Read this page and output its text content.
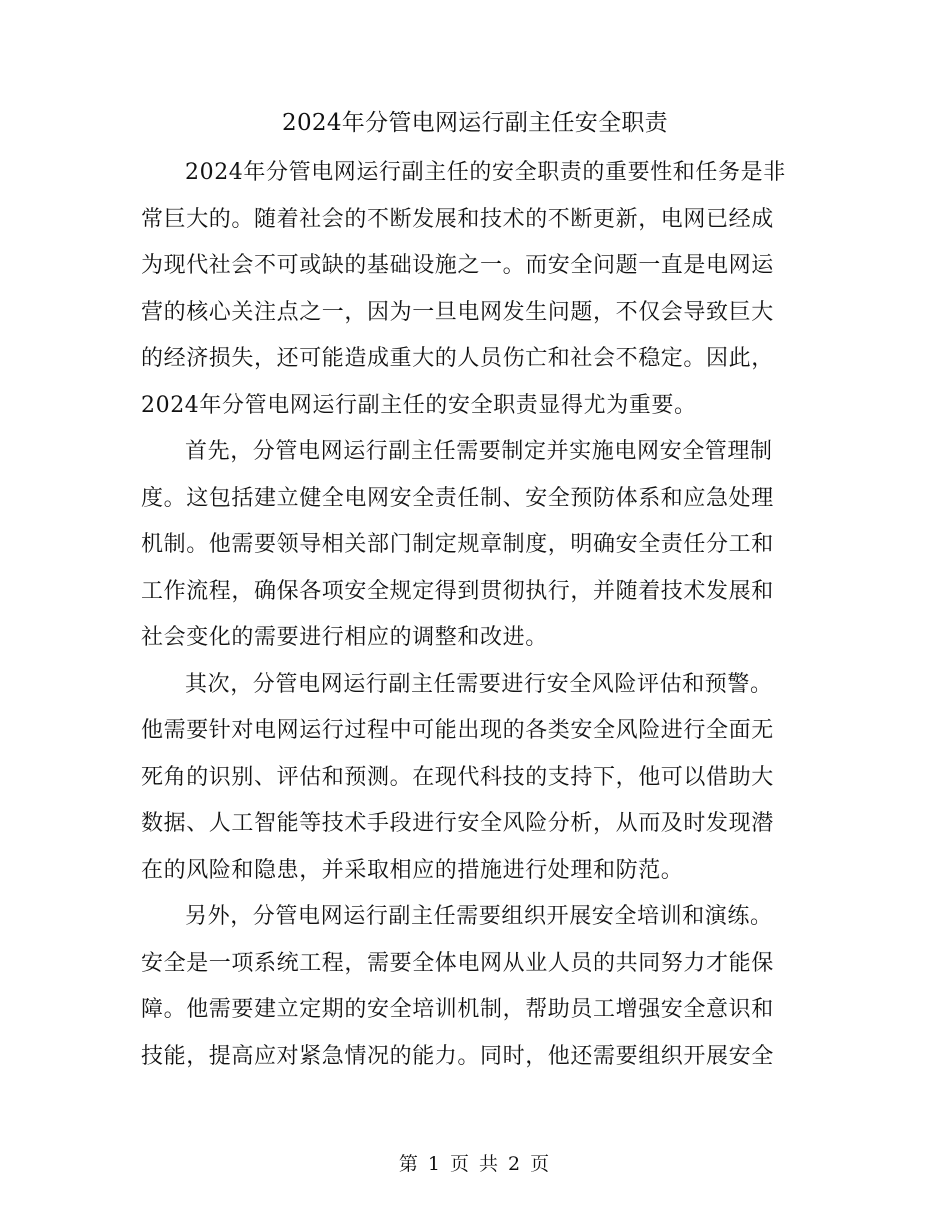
2024年分管电网运行副主任安全职责

2024年分管电网运行副主任的安全职责的重要性和任务是非
常巨大的。随着社会的不断发展和技术的不断更新，电网已经成
为现代社会不可或缺的基础设施之一。而安全问题一直是电网运
营的核心关注点之一，因为一旦电网发生问题，不仅会导致巨大
的经济损失，还可能造成重大的人员伤亡和社会不稳定。因此，
2024年分管电网运行副主任的安全职责显得尤为重要。

首先，分管电网运行副主任需要制定并实施电网安全管理制
度。这包括建立健全电网安全责任制、安全预防体系和应急处理
机制。他需要领导相关部门制定规章制度，明确安全责任分工和
工作流程，确保各项安全规定得到贯彻执行，并随着技术发展和
社会变化的需要进行相应的调整和改进。

其次，分管电网运行副主任需要进行安全风险评估和预警。
他需要针对电网运行过程中可能出现的各类安全风险进行全面无
死角的识别、评估和预测。在现代科技的支持下，他可以借助大
数据、人工智能等技术手段进行安全风险分析，从而及时发现潜
在的风险和隐患，并采取相应的措施进行处理和防范。

另外，分管电网运行副主任需要组织开展安全培训和演练。
安全是一项系统工程，需要全体电网从业人员的共同努力才能保
障。他需要建立定期的安全培训机制，帮助员工增强安全意识和
技能，提高应对紧急情况的能力。同时，他还需要组织开展安全

第 1 页 共 2 页
